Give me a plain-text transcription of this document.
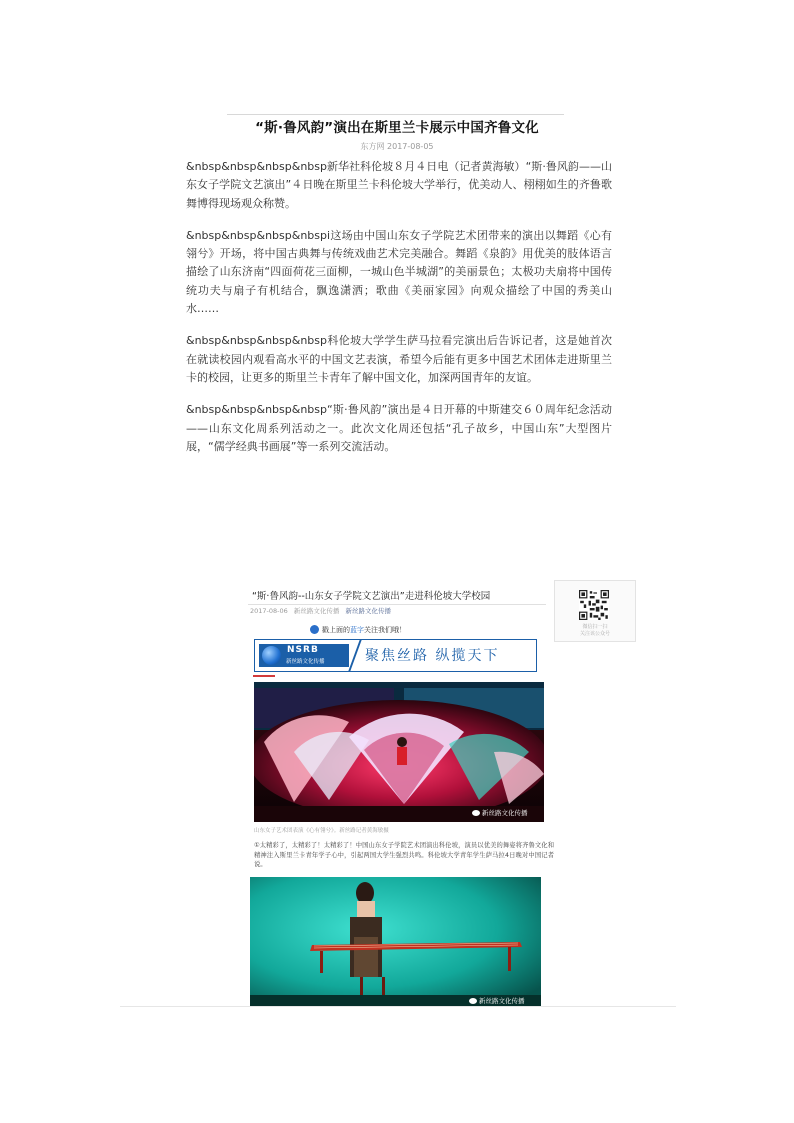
“斯·鲁风韵”演出在斯里兰卡展示中国齐鲁文化
东方网 2017-08-05

&nbsp&nbsp&nbsp&nbsp新华社科伦坡８月４日电（记者黄海敏）“斯·鲁风韵——山东女子学院文艺演出”４日晚在斯里兰卡科伦坡大学举行，优美动人、栩栩如生的齐鲁歌舞博得现场观众称赞。

&nbsp&nbsp&nbsp&nbspi这场由中国山东女子学院艺术团带来的演出以舞蹈《心有翎兮》开场，将中国古典舞与传统戏曲艺术完美融合。舞蹈《泉韵》用优美的肢体语言描绘了山东济南“四面荷花三面柳，一城山色半城湖”的美丽景色；太极功夫扇将中国传统功夫与扇子有机结合，飘逸潇洒；歌曲《美丽家园》向观众描绘了中国的秀美山水……

&nbsp&nbsp&nbsp&nbsp科伦坡大学学生萨马拉看完演出后告诉记者，这是她首次在就读校园内观看高水平的中国文艺表演，希望今后能有更多中国艺术团体走进斯里兰卡的校园，让更多的斯里兰卡青年了解中国文化，加深两国青年的友谊。

&nbsp&nbsp&nbsp&nbsp“斯·鲁风韵”演出是４日开幕的中斯建交６０周年纪念活动——山东文化周系列活动之一。此次文化周还包括“孔子故乡，中国山东”大型图片展，“儒学经典书画展”等一系列交流活动。

“斯·鲁风韵--山东女子学院文艺演出”走进科伦坡大学校园
2017-08-06 新丝路文化传播 新丝路文化传播
微信扫一扫
关注该公众号
戳上面的蓝字关注我们哦！
NSRB
新丝路文化传播	聚焦丝路 纵揽天下
新丝路文化传播
山东女子艺术团表演《心有翎兮》。新丝路记者黄海敏摄
①太精彩了，太精彩了！太精彩了！中国山东女子学院艺术团演出科伦坡，演员以优美的舞姿将齐鲁文化和精神注入斯里兰卡青年学子心中，引起两国大学生强烈共鸣。科伦坡大学青年学生萨马拉4日晚对中国记者说。
新丝路文化传播
